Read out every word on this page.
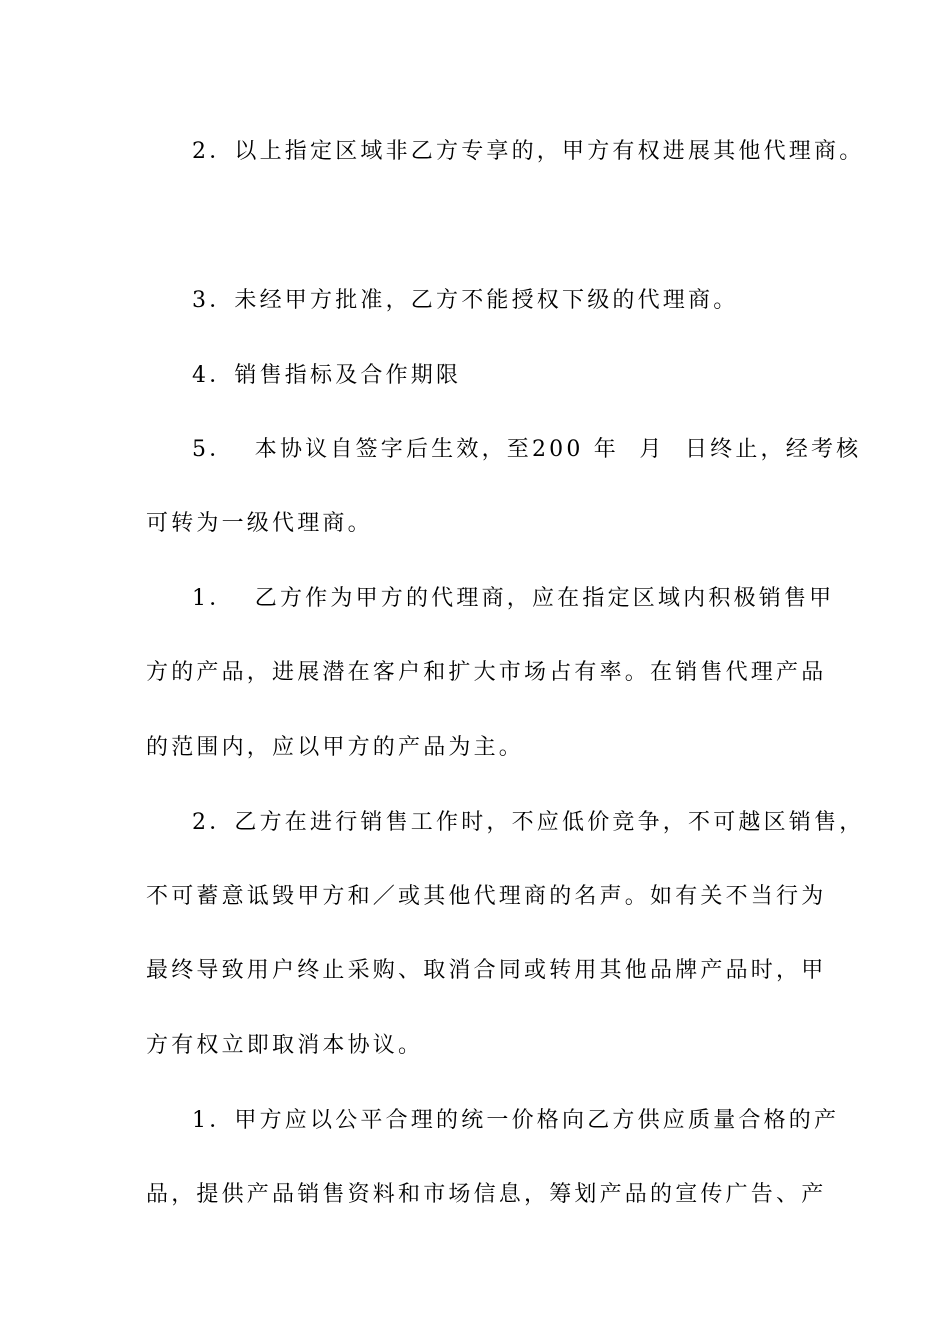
2．以上指定区域非乙方专享的，甲方有权进展其他代理商。
3．未经甲方批准，乙方不能授权下级的代理商。
4．销售指标及合作期限
5．  本协议自签字后生效，至200 年  月  日终止，经考核
可转为一级代理商。
1．  乙方作为甲方的代理商，应在指定区域内积极销售甲
方的产品，进展潜在客户和扩大市场占有率。在销售代理产品
的范围内，应以甲方的产品为主。
2．乙方在进行销售工作时，不应低价竞争，不可越区销售，
不可蓄意诋毁甲方和／或其他代理商的名声。如有关不当行为
最终导致用户终止采购、取消合同或转用其他品牌产品时，甲
方有权立即取消本协议。
1．甲方应以公平合理的统一价格向乙方供应质量合格的产
品，提供产品销售资料和市场信息，筹划产品的宣传广告、产
